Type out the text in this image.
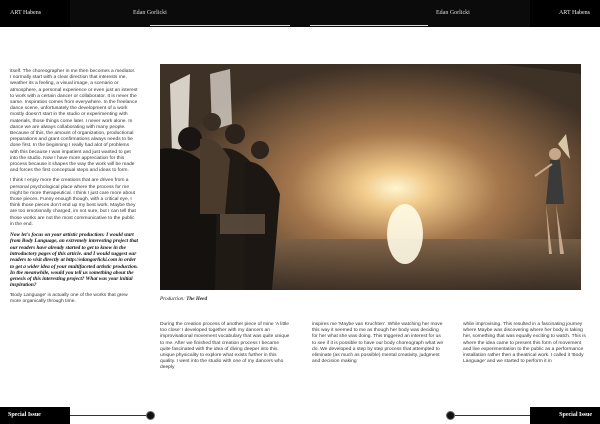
ART Habens	Edan Gorlicki	Edan Gorlicki	ART Habens

itself. The choreographer in me then becomes a mediator.
I normally start with a clear direction that interests me, weather its a feeling, a visual image, a scenario or atmosphere, a personal experience or even just an interest to work with a certain dancer or collaborator. It is never the same. Inspiration comes from everywhere. In the freelance dance scene, unfortunately the development of a work mostly doesn't start in the studio or experimenting with materials, those things come later. I never work alone. In dance we are always collaborating with many people. Because of this, the amount of organization, productional preparations and grant confirmations always needs to be done first. In the beginning I really had alot of problems with this because I was impatient and just wanted to get into the studio. Now I have more appreciation for this process because it shapes the way the work will be made and forces the first conceptual steps and ideas to form.

I think I enjoy more the creations that are driven from a personal psychological place where the process for me might be more therapeutical. I think I just care more about those pieces. Funny enough though, with a critical eye, I think those pieces don't end up my best work. Maybe they are too emotionally charged, im not sure, but I can tell that those works are not the most communicative to the public in the end.

Now let's focus on your artistic production: I would start from Body Language, an extremely interesting project that our readers have already started to get to know in the introductory pages of this article. and I would suggest our readers to visit directly at http://edangorlicki.com in order to get a wider idea of your multifaceted artistic production. In the meanwhile, would you tell us something about the genesis of this interesting project? What was your initial inspiration?

'Body Language' is actually one of the works that grew more organically through time.	Production: The Heed

During the creation process of another piece of mine 'A little too close' I developed together with my dancers an improvisational movement vocabulary that was quite unique to me. After we finished that creation process I became quite fascinated with the idea of diving deeper into this unique physicality to explore what exists further in this quality. I went into the studio with one of my dancers who deeply

inspires me 'Maybe van Kruchten'. While watching her move this way it seemed to me as though her body was deciding for her what she was doing. This triggered an interest for us to see if it is possible to have our body choreograph what we do. We developed a step by step process that attempted to eliminate (as much as possible) mental creativity, judgment and decision making

while improvising. This resulted in a fascinating journey where Maybe was discovering where her body is taking her, something that was equally exciting to watch. This is where the idea came to present this form of movement and live experimentation to the public as a performance installation rather then a theatrical work. I called it 'Body Language' and we started to perform it in

Special Issue	Special Issue
